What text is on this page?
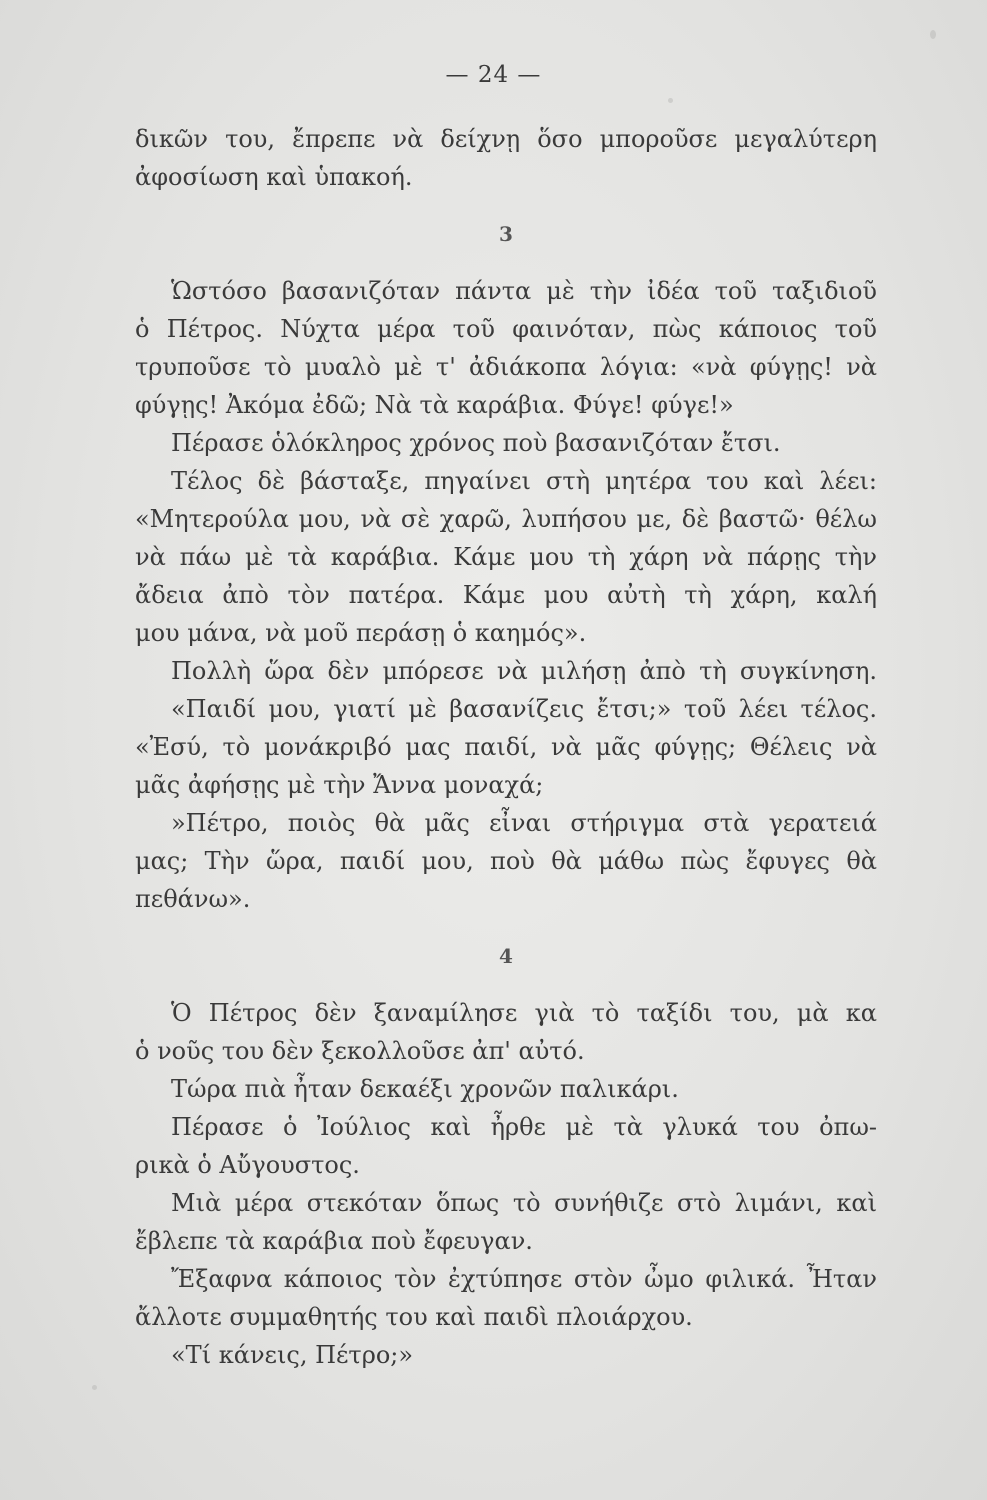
— 24 —
δικῶν του, ἔπρεπε νὰ δείχνῃ ὅσο μποροῦσε μεγαλύτερη
ἀφοσίωση καὶ ὑπακοή.
3
Ὡστόσο βασανιζόταν πάντα μὲ τὴν ἰδέα τοῦ ταξιδιοῦ
ὁ Πέτρος. Νύχτα μέρα τοῦ φαινόταν, πὼς κάποιος τοῦ
τρυποῦσε τὸ μυαλὸ μὲ τ' ἀδιάκοπα λόγια: «νὰ φύγῃς! νὰ
φύγῃς! Ἀκόμα ἐδῶ; Νὰ τὰ καράβια. Φύγε! φύγε!»
Πέρασε ὁλόκληρος χρόνος ποὺ βασανιζόταν ἔτσι.
Τέλος δὲ βάσταξε, πηγαίνει στὴ μητέρα του καὶ λέει:
«Μητερούλα μου, νὰ σὲ χαρῶ, λυπήσου με, δὲ βαστῶ· θέλω
νὰ πάω μὲ τὰ καράβια. Κάμε μου τὴ χάρη νὰ πάρῃς τὴν
ἄδεια ἀπὸ τὸν πατέρα. Κάμε μου αὐτὴ τὴ χάρη, καλή
μου μάνα, νὰ μοῦ περάσῃ ὁ καημός».
Πολλὴ ὥρα δὲν μπόρεσε νὰ μιλήσῃ ἀπὸ τὴ συγκίνηση.
«Παιδί μου, γιατί μὲ βασανίζεις ἔτσι;» τοῦ λέει τέλος.
«Ἐσύ, τὸ μονάκριβό μας παιδί, νὰ μᾶς φύγῃς; Θέλεις νὰ
μᾶς ἀφήσῃς μὲ τὴν Ἄννα μοναχά;
»Πέτρο, ποιὸς θὰ μᾶς εἶναι στήριγμα στὰ γερατειά
μας; Τὴν ὥρα, παιδί μου, ποὺ θὰ μάθω πὼς ἔφυγες θὰ
πεθάνω».
4
Ὁ Πέτρος δὲν ξαναμίλησε γιὰ τὸ ταξίδι του, μὰ κα
ὁ νοῦς του δὲν ξεκολλοῦσε ἀπ' αὐτό.
Τώρα πιὰ ἦταν δεκαέξι χρονῶν παλικάρι.
Πέρασε ὁ Ἰούλιος καὶ ἦρθε μὲ τὰ γλυκά του ὀπω-
ρικὰ ὁ Αὔγουστος.
Μιὰ μέρα στεκόταν ὅπως τὸ συνήθιζε στὸ λιμάνι, καὶ
ἔβλεπε τὰ καράβια ποὺ ἔφευγαν.
Ἔξαφνα κάποιος τὸν ἐχτύπησε στὸν ὦμο φιλικά. Ἦταν
ἄλλοτε συμμαθητής του καὶ παιδὶ πλοιάρχου.
«Τί κάνεις, Πέτρο;»
